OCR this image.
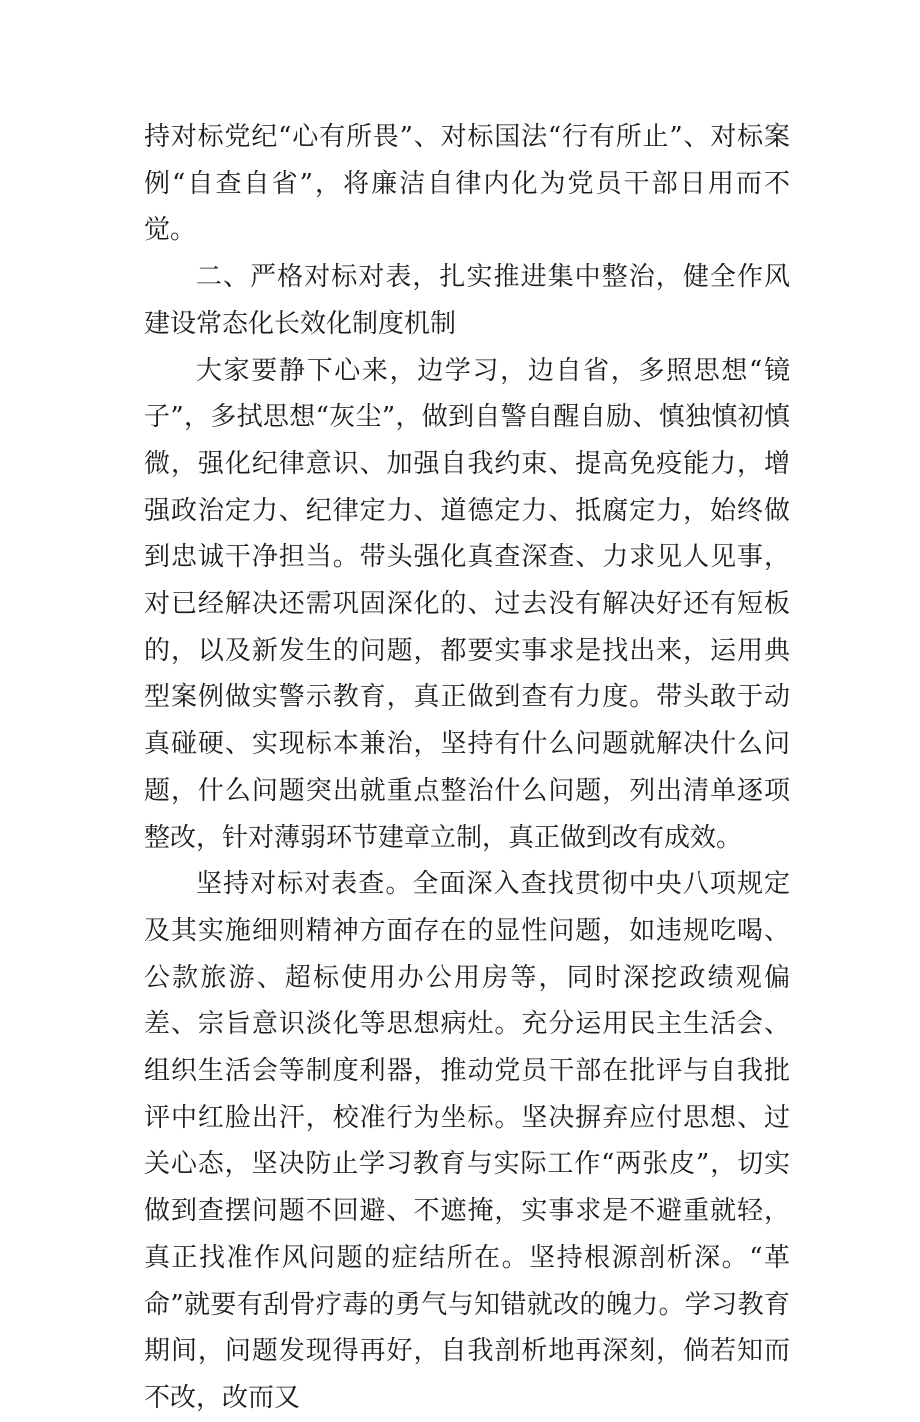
持对标党纪“心有所畏”、对标国法“行有所止”、对标案例“自查自省”，将廉洁自律内化为党员干部日用而不觉。

二、严格对标对表，扎实推进集中整治，健全作风建设常态化长效化制度机制

大家要静下心来，边学习，边自省，多照思想“镜子”，多拭思想“灰尘”，做到自警自醒自励、慎独慎初慎微，强化纪律意识、加强自我约束、提高免疫能力，增强政治定力、纪律定力、道德定力、抵腐定力，始终做到忠诚干净担当。带头强化真查深查、力求见人见事，对已经解决还需巩固深化的、过去没有解决好还有短板的，以及新发生的问题，都要实事求是找出来，运用典型案例做实警示教育，真正做到查有力度。带头敢于动真碰硬、实现标本兼治，坚持有什么问题就解决什么问题，什么问题突出就重点整治什么问题，列出清单逐项整改，针对薄弱环节建章立制，真正做到改有成效。

坚持对标对表查。全面深入查找贯彻中央八项规定及其实施细则精神方面存在的显性问题，如违规吃喝、公款旅游、超标使用办公用房等，同时深挖政绩观偏差、宗旨意识淡化等思想病灶。充分运用民主生活会、组织生活会等制度利器，推动党员干部在批评与自我批评中红脸出汗，校准行为坐标。坚决摒弃应付思想、过关心态，坚决防止学习教育与实际工作“两张皮”，切实做到查摆问题不回避、不遮掩，实事求是不避重就轻，真正找准作风问题的症结所在。坚持根源剖析深。“革命”就要有刮骨疗毒的勇气与知错就改的魄力。学习教育期间，问题发现得再好，自我剖析地再深刻，倘若知而不改，改而又
